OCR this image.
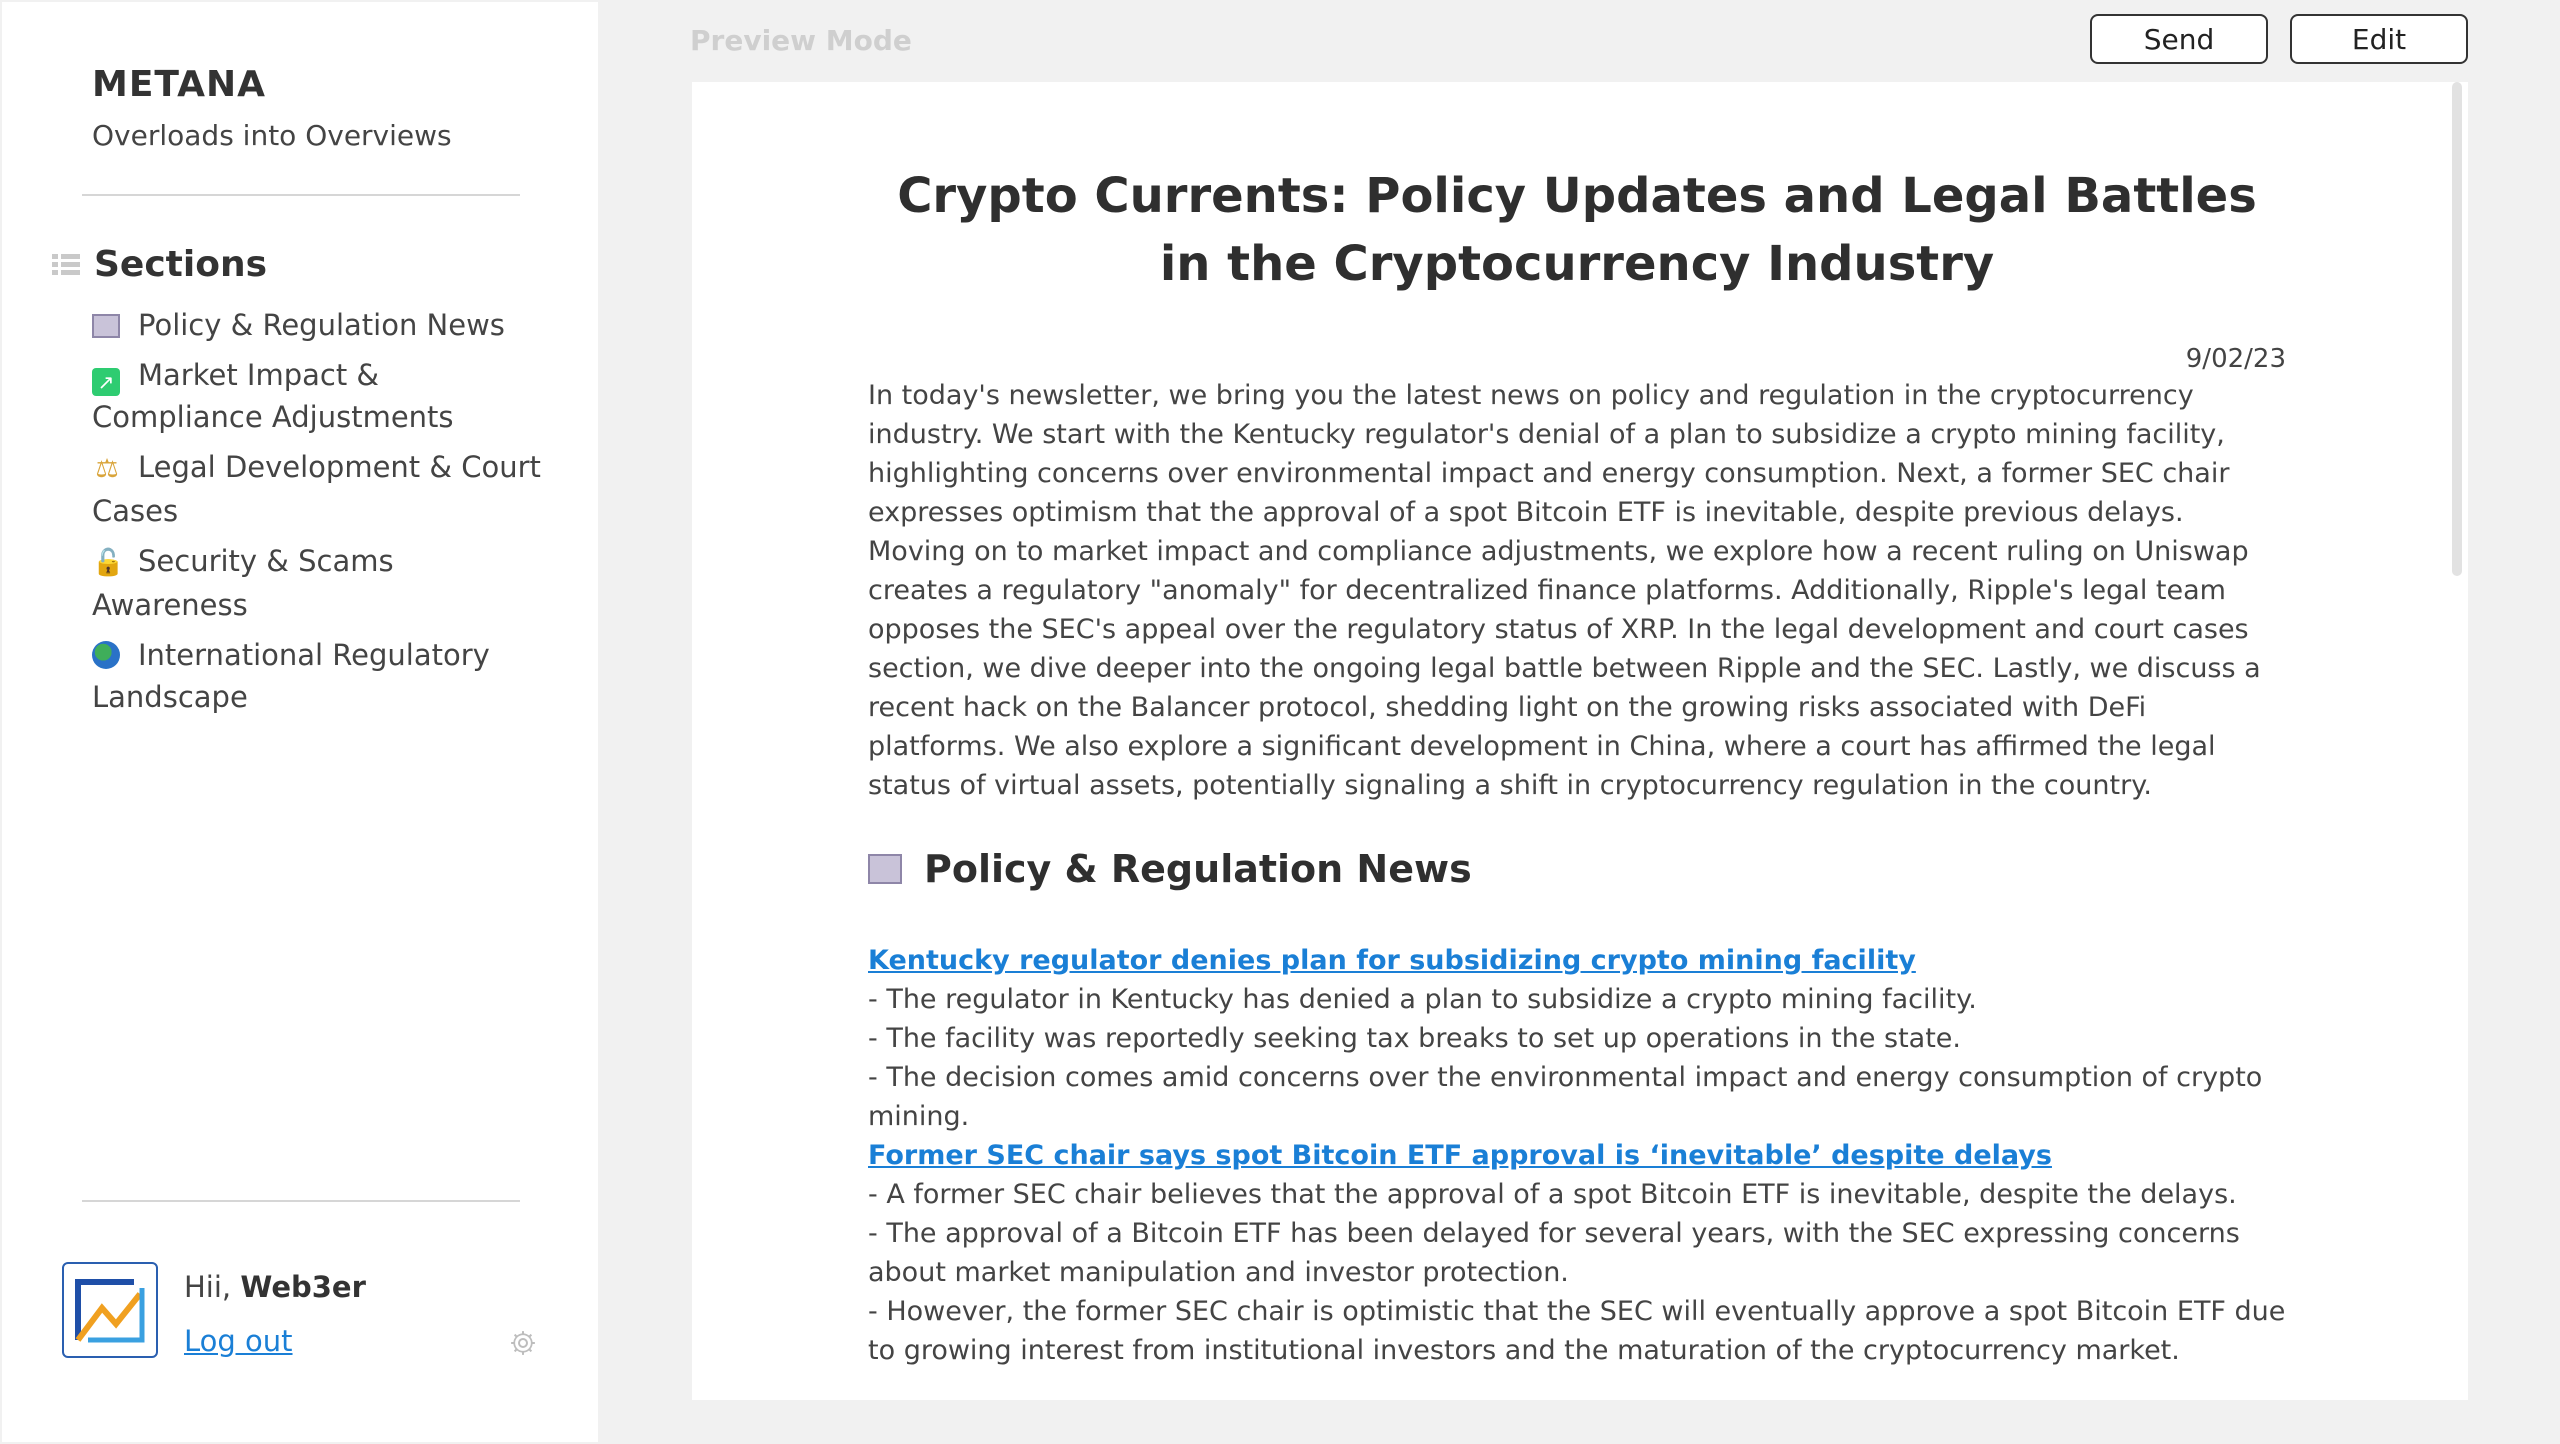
METANA
Overloads into Overviews
Sections
Policy & Regulation News
↗ Market Impact & Compliance Adjustments
⚖ Legal Development & Court Cases
🔓 Security & Scams Awareness
International Regulatory Landscape
Hii, Web3er
Log out
Preview Mode	Send	Edit
Crypto Currents: Policy Updates and Legal Battles in the Cryptocurrency Industry
9/02/23

In today's newsletter, we bring you the latest news on policy and regulation in the cryptocurrency industry. We start with the Kentucky regulator's denial of a plan to subsidize a crypto mining facility, highlighting concerns over environmental impact and energy consumption. Next, a former SEC chair expresses optimism that the approval of a spot Bitcoin ETF is inevitable, despite previous delays. Moving on to market impact and compliance adjustments, we explore how a recent ruling on Uniswap creates a regulatory "anomaly" for decentralized finance platforms. Additionally, Ripple's legal team opposes the SEC's appeal over the regulatory status of XRP. In the legal development and court cases section, we dive deeper into the ongoing legal battle between Ripple and the SEC. Lastly, we discuss a recent hack on the Balancer protocol, shedding light on the growing risks associated with DeFi platforms. We also explore a significant development in China, where a court has affirmed the legal status of virtual assets, potentially signaling a shift in cryptocurrency regulation in the country.

Policy & Regulation News
Kentucky regulator denies plan for subsidizing crypto mining facility
- The regulator in Kentucky has denied a plan to subsidize a crypto mining facility.
- The facility was reportedly seeking tax breaks to set up operations in the state.
- The decision comes amid concerns over the environmental impact and energy consumption of crypto mining.
Former SEC chair says spot Bitcoin ETF approval is ‘inevitable’ despite delays
- A former SEC chair believes that the approval of a spot Bitcoin ETF is inevitable, despite the delays.
- The approval of a Bitcoin ETF has been delayed for several years, with the SEC expressing concerns about market manipulation and investor protection.
- However, the former SEC chair is optimistic that the SEC will eventually approve a spot Bitcoin ETF due to growing interest from institutional investors and the maturation of the cryptocurrency market.
